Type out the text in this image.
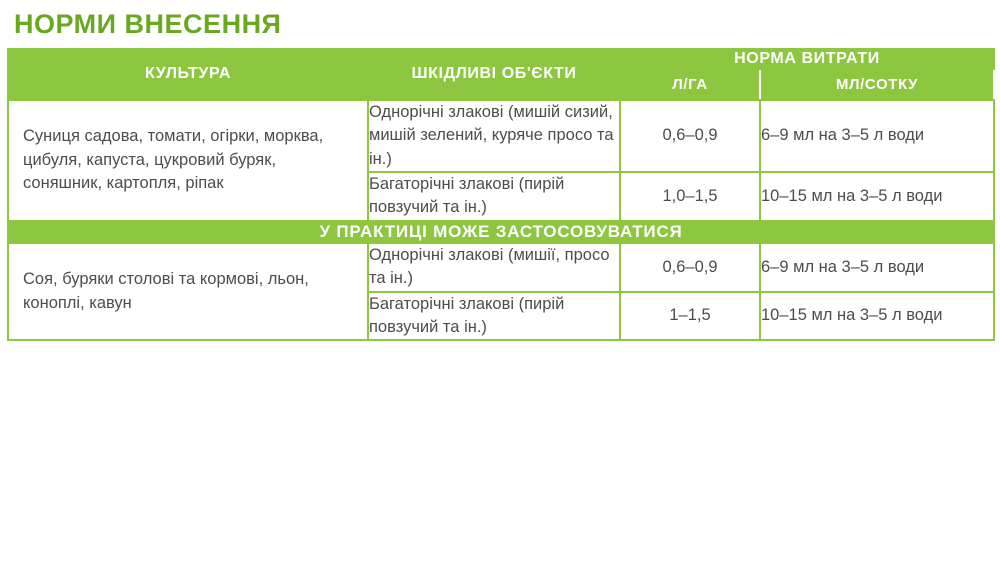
НОРМИ ВНЕСЕННЯ
КУЛЬТУРА	ШКІДЛИВІ ОБ'ЄКТИ	НОРМА ВИТРАТИ	
		Л/ГА	МЛ/СОТКУ
Суниця садова, томати, огірки, морква, цибуля, капуста, цукровий буряк, соняшник, картопля, ріпак	Однорічні злакові (мишій сизий, мишій зелений, куряче просо та ін.)	0,6–0,9	6–9 мл на 3–5 л води
	Багаторічні злакові (пирій повзучий та ін.)	1,0–1,5	10–15 мл на 3–5 л води
У ПРАКТИЦІ МОЖЕ ЗАСТОСОВУВАТИСЯ			
Соя, буряки столові та кормові, льон, коноплі, кавун	Однорічні злакові (мишії, просо та ін.)	0,6–0,9	6–9 мл на 3–5 л води
	Багаторічні злакові (пирій повзучий та ін.)	1–1,5	10–15 мл на 3–5 л води
